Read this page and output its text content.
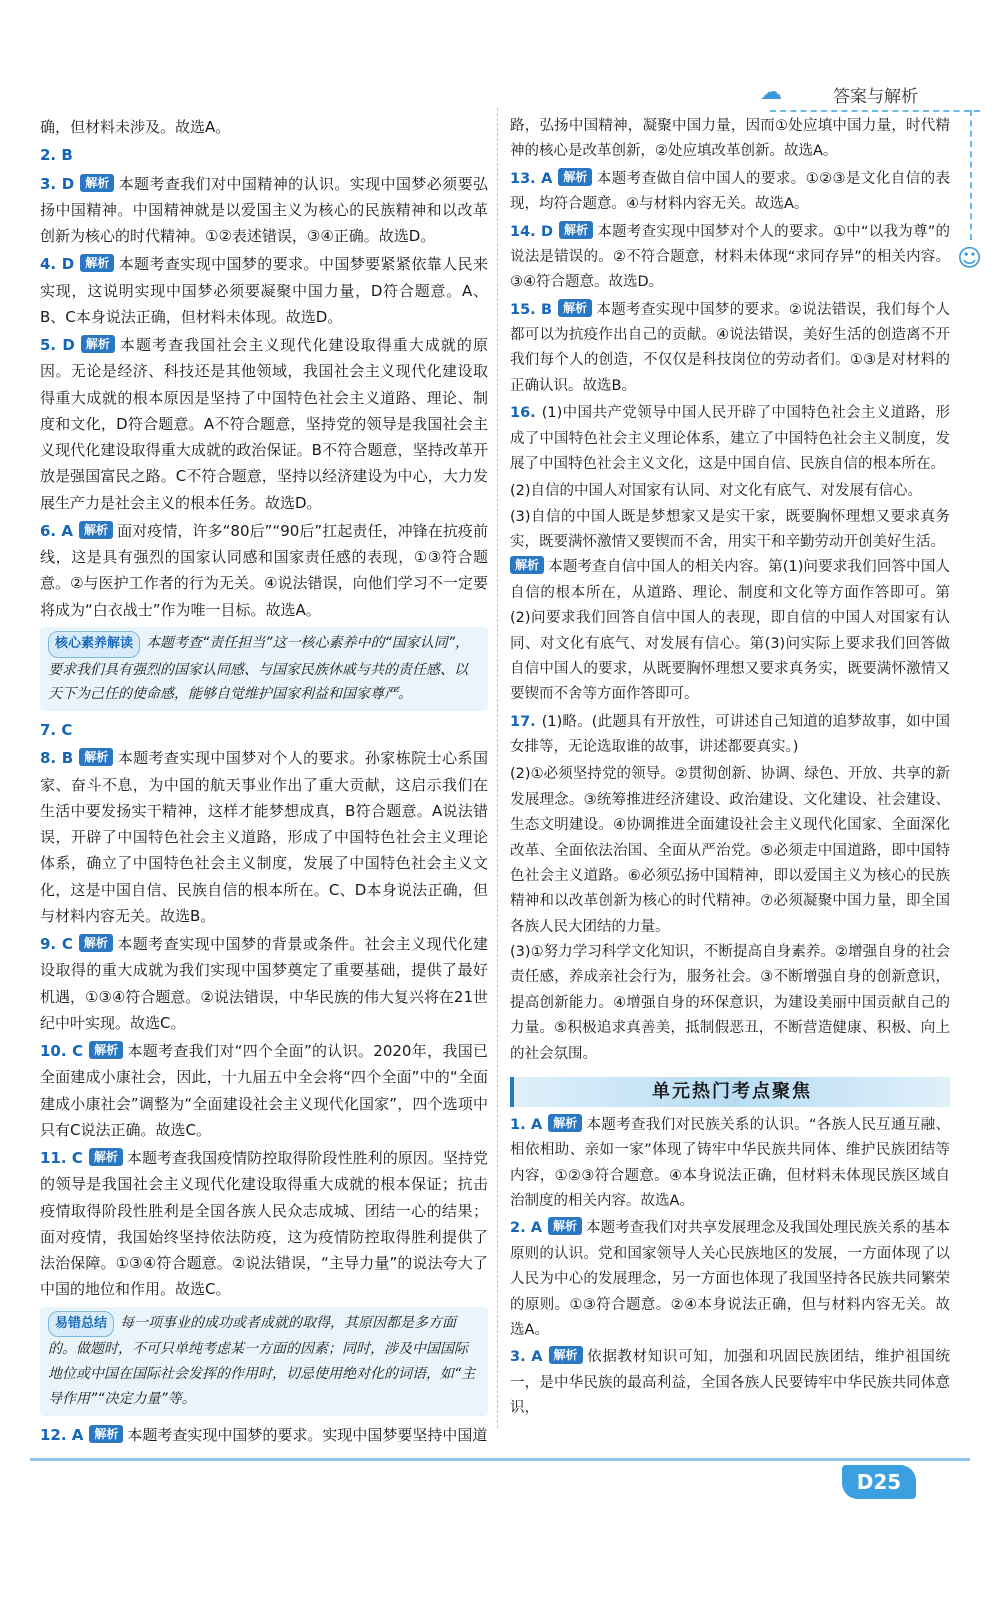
☁	答案与解析
☺
确，但材料未涉及。故选A。
2. B
3. D 解析 本题考查我们对中国精神的认识。实现中国梦必须要弘扬中国精神。中国精神就是以爱国主义为核心的民族精神和以改革创新为核心的时代精神。①②表述错误，③④正确。故选D。
4. D 解析 本题考查实现中国梦的要求。中国梦要紧紧依靠人民来实现，这说明实现中国梦必须要凝聚中国力量，D符合题意。A、B、C本身说法正确，但材料未体现。故选D。
5. D 解析 本题考查我国社会主义现代化建设取得重大成就的原因。无论是经济、科技还是其他领域，我国社会主义现代化建设取得重大成就的根本原因是坚持了中国特色社会主义道路、理论、制度和文化，D符合题意。A不符合题意，坚持党的领导是我国社会主义现代化建设取得重大成就的政治保证。B不符合题意，坚持改革开放是强国富民之路。C不符合题意，坚持以经济建设为中心，大力发展生产力是社会主义的根本任务。故选D。
6. A 解析 面对疫情，许多“80后”“90后”扛起责任，冲锋在抗疫前线，这是具有强烈的国家认同感和国家责任感的表现，①③符合题意。②与医护工作者的行为无关。④说法错误，向他们学习不一定要将成为“白衣战士”作为唯一目标。故选A。
核心素养解读 本题考查“责任担当”这一核心素养中的“国家认同”，要求我们具有强烈的国家认同感、与国家民族休戚与共的责任感、以天下为己任的使命感，能够自觉维护国家利益和国家尊严。
7. C
8. B 解析 本题考查实现中国梦对个人的要求。孙家栋院士心系国家、奋斗不息，为中国的航天事业作出了重大贡献，这启示我们在生活中要发扬实干精神，这样才能梦想成真，B符合题意。A说法错误，开辟了中国特色社会主义道路，形成了中国特色社会主义理论体系，确立了中国特色社会主义制度，发展了中国特色社会主义文化，这是中国自信、民族自信的根本所在。C、D本身说法正确，但与材料内容无关。故选B。
9. C 解析 本题考查实现中国梦的背景或条件。社会主义现代化建设取得的重大成就为我们实现中国梦奠定了重要基础，提供了最好机遇，①③④符合题意。②说法错误，中华民族的伟大复兴将在21世纪中叶实现。故选C。
10. C 解析 本题考查我们对“四个全面”的认识。2020年，我国已全面建成小康社会，因此，十九届五中全会将“四个全面”中的“全面建成小康社会”调整为“全面建设社会主义现代化国家”，四个选项中只有C说法正确。故选C。
11. C 解析 本题考查我国疫情防控取得阶段性胜利的原因。坚持党的领导是我国社会主义现代化建设取得重大成就的根本保证；抗击疫情取得阶段性胜利是全国各族人民众志成城、团结一心的结果；面对疫情，我国始终坚持依法防疫，这为疫情防控取得胜利提供了法治保障。①③④符合题意。②说法错误，“主导力量”的说法夸大了中国的地位和作用。故选C。
易错总结 每一项事业的成功或者成就的取得，其原因都是多方面的。做题时，不可只单纯考虑某一方面的因素；同时，涉及中国国际地位或中国在国际社会发挥的作用时，切忌使用绝对化的词语，如“主导作用”“决定力量”等。
12. A 解析 本题考查实现中国梦的要求。实现中国梦要坚持中国道
路，弘扬中国精神，凝聚中国力量，因而①处应填中国力量，时代精神的核心是改革创新，②处应填改革创新。故选A。
13. A 解析 本题考查做自信中国人的要求。①②③是文化自信的表现，均符合题意。④与材料内容无关。故选A。
14. D 解析 本题考查实现中国梦对个人的要求。①中“以我为尊”的说法是错误的。②不符合题意，材料未体现“求同存异”的相关内容。③④符合题意。故选D。
15. B 解析 本题考查实现中国梦的要求。②说法错误，我们每个人都可以为抗疫作出自己的贡献。④说法错误，美好生活的创造离不开我们每个人的创造，不仅仅是科技岗位的劳动者们。①③是对材料的正确认识。故选B。
16. (1)中国共产党领导中国人民开辟了中国特色社会主义道路，形成了中国特色社会主义理论体系，建立了中国特色社会主义制度，发展了中国特色社会主义文化，这是中国自信、民族自信的根本所在。
(2)自信的中国人对国家有认同、对文化有底气、对发展有信心。
(3)自信的中国人既是梦想家又是实干家，既要胸怀理想又要求真务实，既要满怀激情又要锲而不舍，用实干和辛勤劳动开创美好生活。
解析 本题考查自信中国人的相关内容。第(1)问要求我们回答中国人自信的根本所在，从道路、理论、制度和文化等方面作答即可。第(2)问要求我们回答自信中国人的表现，即自信的中国人对国家有认同、对文化有底气、对发展有信心。第(3)问实际上要求我们回答做自信中国人的要求，从既要胸怀理想又要求真务实，既要满怀激情又要锲而不舍等方面作答即可。
17. (1)略。(此题具有开放性，可讲述自己知道的追梦故事，如中国女排等，无论选取谁的故事，讲述都要真实。)
(2)①必须坚持党的领导。②贯彻创新、协调、绿色、开放、共享的新发展理念。③统筹推进经济建设、政治建设、文化建设、社会建设、生态文明建设。④协调推进全面建设社会主义现代化国家、全面深化改革、全面依法治国、全面从严治党。⑤必须走中国道路，即中国特色社会主义道路。⑥必须弘扬中国精神，即以爱国主义为核心的民族精神和以改革创新为核心的时代精神。⑦必须凝聚中国力量，即全国各族人民大团结的力量。
(3)①努力学习科学文化知识，不断提高自身素养。②增强自身的社会责任感，养成亲社会行为，服务社会。③不断增强自身的创新意识，提高创新能力。④增强自身的环保意识，为建设美丽中国贡献自己的力量。⑤积极追求真善美，抵制假恶丑，不断营造健康、积极、向上的社会氛围。
单元热门考点聚焦
1. A 解析 本题考查我们对民族关系的认识。“各族人民互通互融、相依相助、亲如一家”体现了铸牢中华民族共同体、维护民族团结等内容，①②③符合题意。④本身说法正确，但材料未体现民族区域自治制度的相关内容。故选A。
2. A 解析 本题考查我们对共享发展理念及我国处理民族关系的基本原则的认识。党和国家领导人关心民族地区的发展，一方面体现了以人民为中心的发展理念，另一方面也体现了我国坚持各民族共同繁荣的原则。①③符合题意。②④本身说法正确，但与材料内容无关。故选A。
3. A 解析 依据教材知识可知，加强和巩固民族团结，维护祖国统一，是中华民族的最高利益，全国各族人民要铸牢中华民族共同体意识，
D25
